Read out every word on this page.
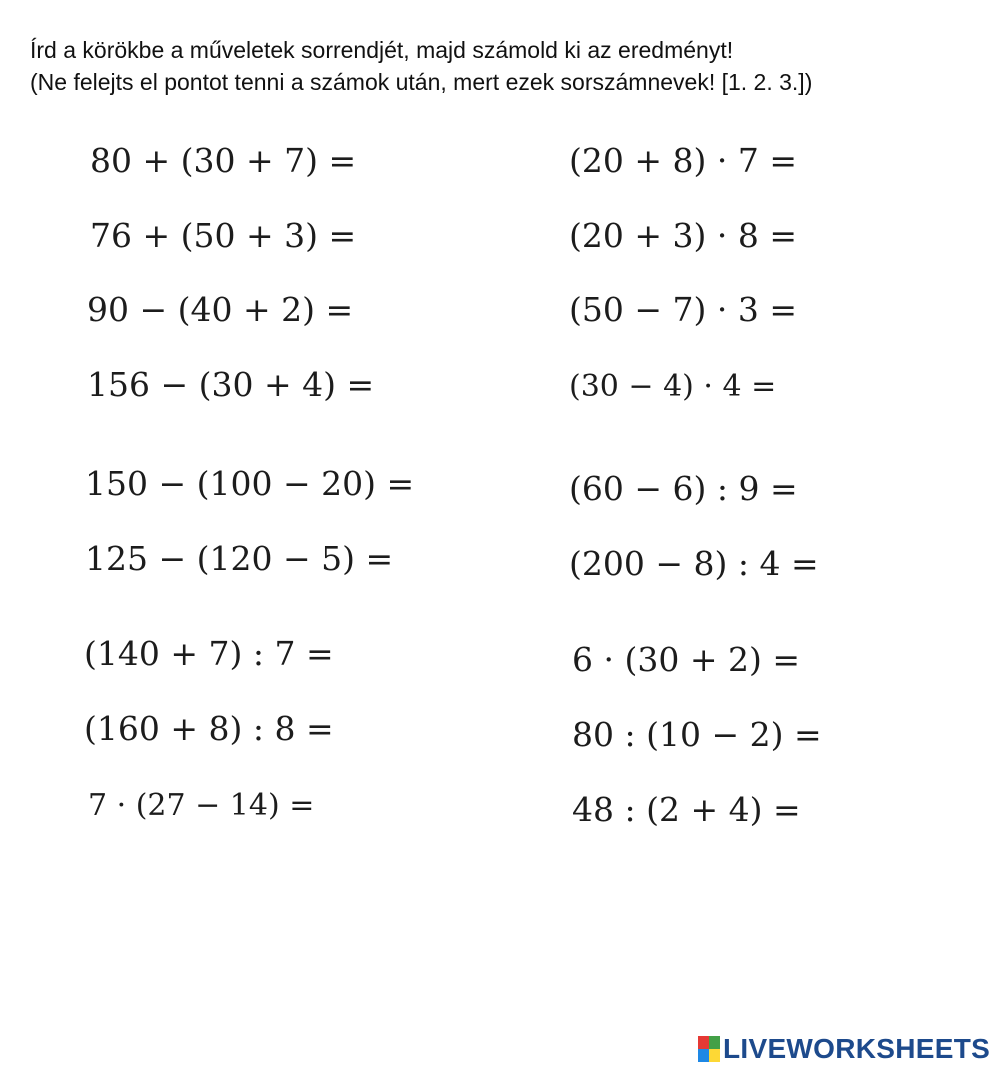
Írd a körökbe a műveletek sorrendjét, majd számold ki az eredményt!
(Ne felejts el pontot tenni a számok után, mert ezek sorszámnevek! [1. 2. 3.])

80 + (30 + 7) =

76 + (50 + 3) =

90 − (40 + 2) =

156 − (30 + 4) =

150 − (100 − 20) =

125 − (120 − 5) =

(140 + 7) : 7 =

(160 + 8) : 8 =

7 · (27 − 14) =

(20 + 8) · 7 =

(20 + 3) · 8 =

(50 − 7) · 3 =

(30 − 4) · 4 =

(60 − 6) : 9 =

(200 − 8) : 4 =

6 · (30 + 2) =

80 : (10 − 2) =

48 : (2 + 4) =

LIVEWORKSHEETS
